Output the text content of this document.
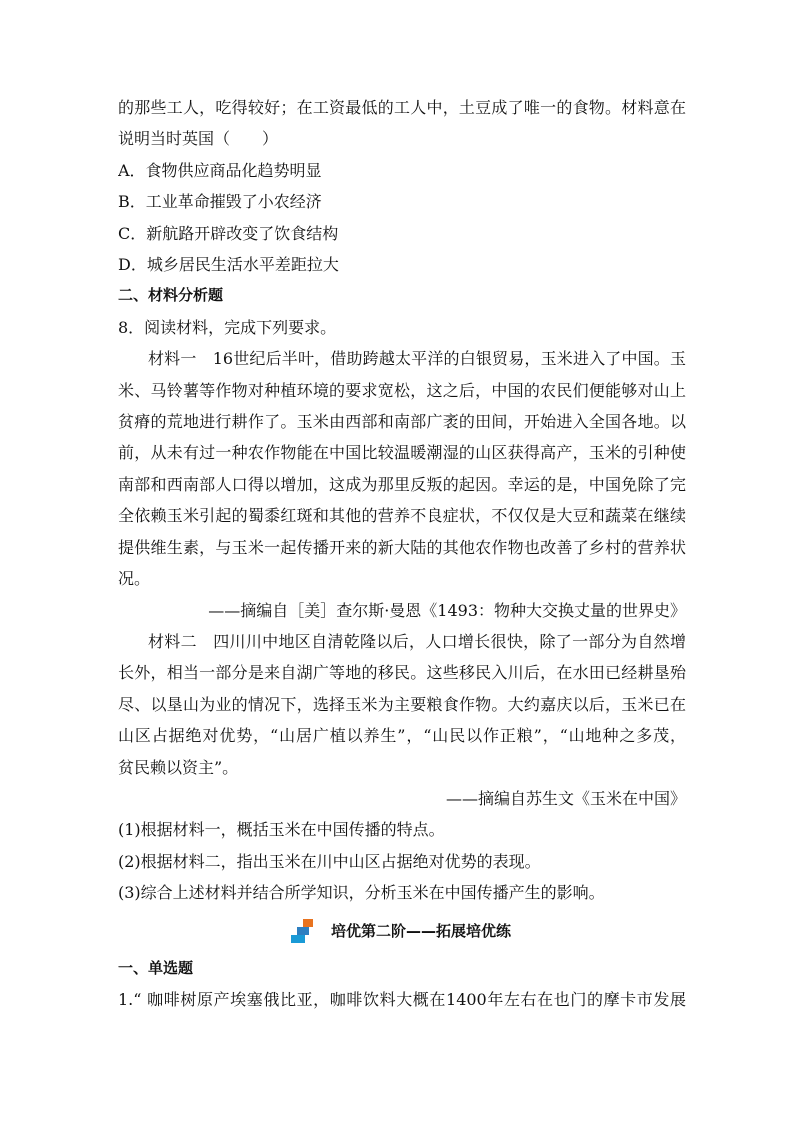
的那些工人，吃得较好；在工资最低的工人中，土豆成了唯一的食物。材料意在
说明当时英国（　　）
A．食物供应商品化趋势明显
B．工业革命摧毁了小农经济
C．新航路开辟改变了饮食结构
D．城乡居民生活水平差距拉大
二、材料分析题
8．阅读材料，完成下列要求。
材料一　16世纪后半叶，借助跨越太平洋的白银贸易，玉米进入了中国。玉
米、马铃薯等作物对种植环境的要求宽松，这之后，中国的农民们便能够对山上
贫瘠的荒地进行耕作了。玉米由西部和南部广袤的田间，开始进入全国各地。以
前，从未有过一种农作物能在中国比较温暖潮湿的山区获得高产，玉米的引种使
南部和西南部人口得以增加，这成为那里反叛的起因。幸运的是，中国免除了完
全依赖玉米引起的蜀黍红斑和其他的营养不良症状，不仅仅是大豆和蔬菜在继续
提供维生素，与玉米一起传播开来的新大陆的其他农作物也改善了乡村的营养状
况。
——摘编自［美］查尔斯·曼恩《1493：物种大交换丈量的世界史》
材料二　四川川中地区自清乾隆以后，人口增长很快，除了一部分为自然增
长外，相当一部分是来自湖广等地的移民。这些移民入川后，在水田已经耕垦殆
尽、以垦山为业的情况下，选择玉米为主要粮食作物。大约嘉庆以后，玉米已在
山区占据绝对优势，“山居广植以养生”，“山民以作正粮”，“山地种之多茂，
贫民赖以资主”。
——摘编自苏生文《玉米在中国》
(1)根据材料一，概括玉米在中国传播的特点。
(2)根据材料二，指出玉米在川中山区占据绝对优势的表现。
(3)综合上述材料并结合所学知识，分析玉米在中国传播产生的影响。
培优第二阶——拓展培优练
一、单选题
1.“ 咖啡树原产埃塞俄比亚，咖啡饮料大概在1400年左右在也门的摩卡市发展
